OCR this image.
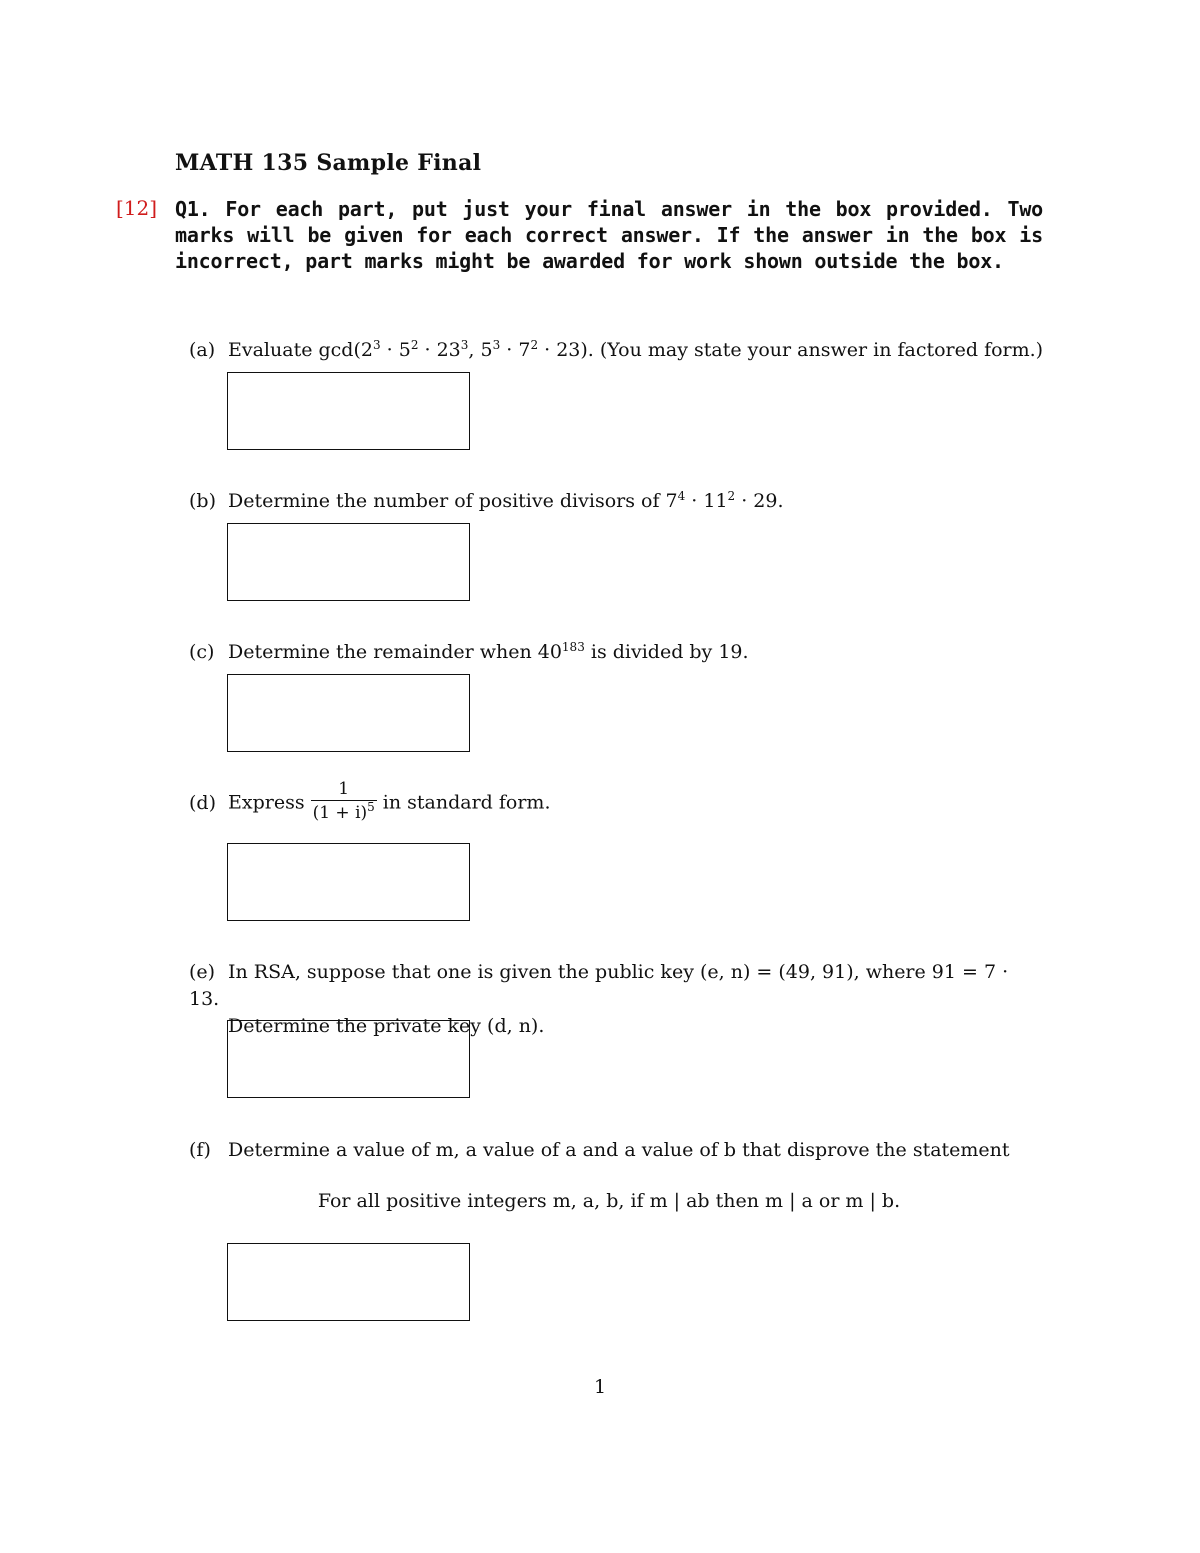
MATH 135 Sample Final
[12] Q1. For each part, put just your final answer in the box provided. Two marks will be given for each correct answer. If the answer in the box is incorrect, part marks might be awarded for work shown outside the box.
(a) Evaluate $\gcd(2^3 \cdot 5^2 \cdot 23^3$, $5^3 \cdot 7^2 \cdot 23$). (You may state your answer in factored form.)
(b) Determine the number of positive divisors of $7^4 \cdot 11^2 \cdot 29$.
(c) Determine the remainder when $40^{183}$ is divided by 19.
(d) Express $\frac{1}{(1 + i)^5}$ in standard form.
(e) In RSA, suppose that one is given the public key (e, n) = (49, 91), where 91 = 7 · 13.
Determine the private key (d, n).
(f) Determine a value of m, a value of a and a value of b that disprove the statement
For all positive integers m, a, b, if m | ab then m | a or m | b.
1
